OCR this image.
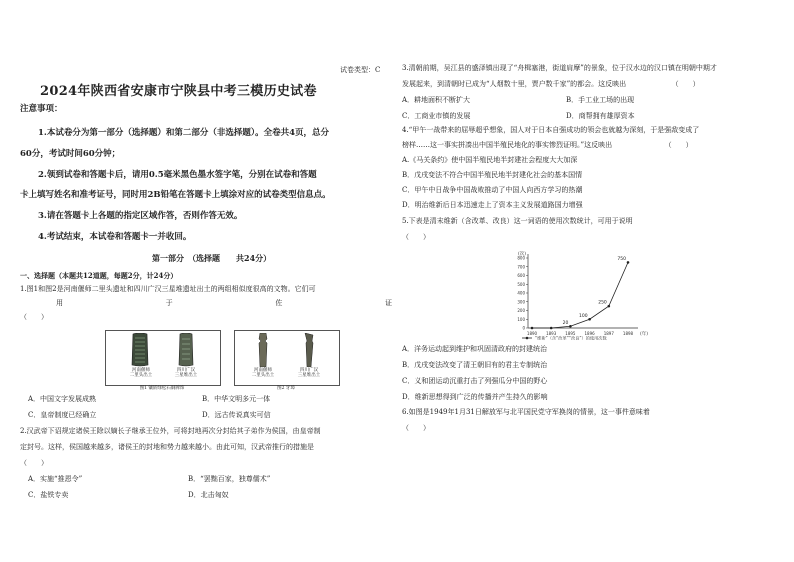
试卷类型：C
2024年陕西省安康市宁陕县中考三模历史试卷
注意事项：
1.本试卷分为第一部分（选择题）和第二部分（非选择题）。全卷共4页，总分
60分，考试时间60分钟；
2.领到试卷和答题卡后，请用0.5毫米黑色墨水签字笔，分别在试卷和答题
卡上填写姓名和准考证号，同时用2B铅笔在答题卡上填涂对应的试卷类型信息点。
3.请在答题卡上各题的指定区域作答，否则作答无效。
4.考试结束，本试卷和答题卡一并收回。
第一部分　（选择题　　共24分）
一、选择题（本题共12道题，每题2分，计24分）
1.图1和图2是河南偃师二里头遗址和四川广汉三星堆遗址出土的两组相似度很高的文物。它们可
用	于	佐	证
（　　）
河南偃师
二里头出土
四川广汉
三星堆出土
图1 镶嵌绿松石铜牌饰
河南偃师
二里头出土
四川广汉
三星堆出土
图2 牙璋
A．中国文字发展成熟	B．中华文明多元一体
C．皇帝制度已经确立	D．远古传说真实可信
2.汉武帝下诏规定诸侯王除以嫡长子继承王位外，可将封地再次分封给其子弟作为侯国，由皇帝制
定封号。这样，侯国越来越多，诸侯王的封地和势力越来越小。由此可知，汉武帝推行的措施是
（　　）
A．实施“推恩令”	B．“罢黜百家，独尊儒术”
C．盐铁专卖	D．北击匈奴
3.清朝前期，吴江县的盛泽镇出现了“舟楫塞港，街道肩摩”的景象，位于汉水边的汉口镇在明朝中期才
发展起来，到清朝时已成为“人烟数十里，贾户数千家”的都会。这反映出　　　　　　　（　　）
A．耕地面积不断扩大	B．手工业工场的出现
C．工商业市镇的发展	D．商帮拥有雄厚资本
4.“甲午一战带来的屈辱超乎想象，国人对于日本自强成功的领会也就越为深刻，于是强敌变成了
榜样……这一事实拼凑出中国半殖民地化的事实惨烈证明。”这反映出　　　　　　　　（　　）
A.《马关条约》使中国半殖民地半封建社会程度大大加深
B．戊戌变法不符合中国半殖民地半封建化社会的基本国情
C．甲午中日战争中国战败推动了中国人向西方学习的热潮
D．明治维新后日本迅速走上了资本主义发展道路国力增强
5.下表是清末维新（含改革、改良）这一词语的使用次数统计，可用于说明
（　　）
(次)
(年)
800
700
600
500
400
300
200
100
0
1890 1893 1895 1896 1897 1898
20
100
250
750
“维新”（含“改革”“改良”）的使用次数
A．洋务运动起到维护和巩固清政府的封建统治
B．戊戌变法改变了清王朝旧有的君主专制统治
C．义和团运动沉重打击了列强瓜分中国的野心
D．维新思想得到广泛的传播并产生持久的影响
6.如图是1949年1月31日解放军与北平国民党守军换岗的情景，这一事件意味着
（　　）
